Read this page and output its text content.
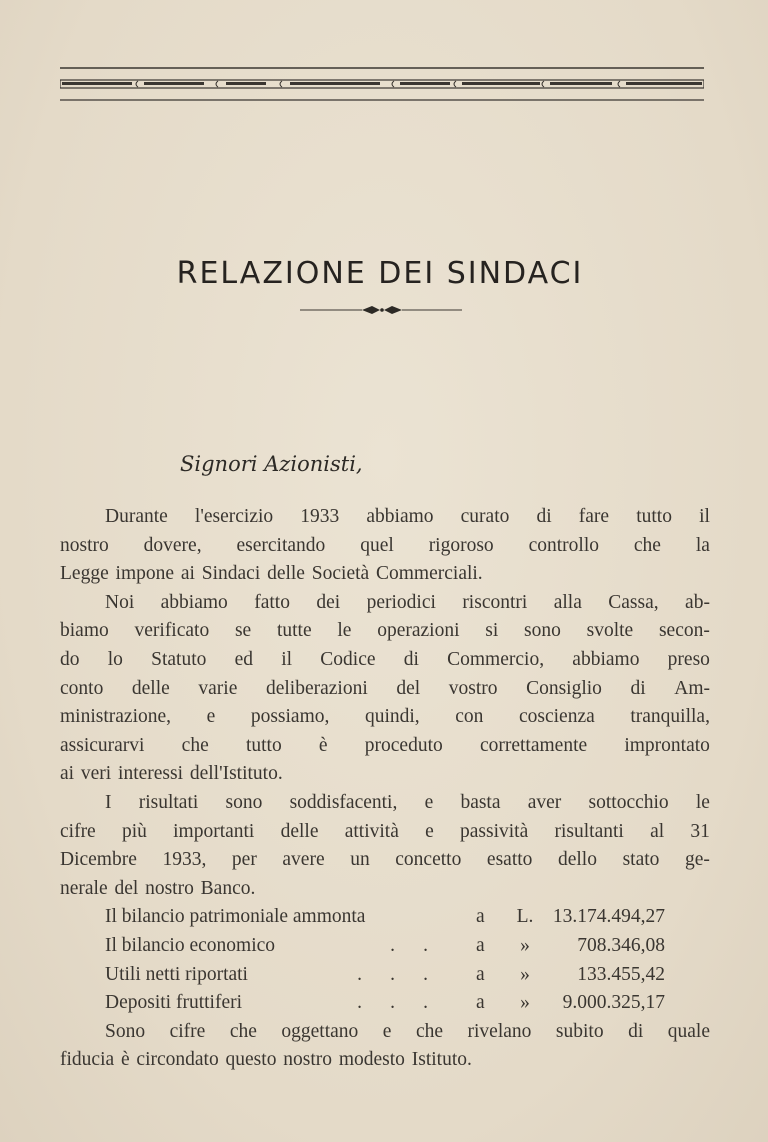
RELAZIONE DEI SINDACI
Signori Azionisti,
Durante l'esercizio 1933 abbiamo curato di fare tutto il
nostro dovere, esercitando quel rigoroso controllo che la
Legge impone ai Sindaci delle Società Commerciali.
Noi abbiamo fatto dei periodici riscontri alla Cassa, ab-
biamo verificato se tutte le operazioni si sono svolte secon-
do lo Statuto ed il Codice di Commercio, abbiamo preso
conto delle varie deliberazioni del vostro Consiglio di Am-
ministrazione, e possiamo, quindi, con coscienza tranquilla,
assicurarvi che tutto è proceduto correttamente improntato
ai veri interessi dell'Istituto.
I risultati sono soddisfacenti, e basta aver sottocchio le
cifre più importanti delle attività e passività risultanti al 31
Dicembre 1933, per avere un concetto esatto dello stato ge-
nerale del nostro Banco.
Il bilancio patrimoniale ammonta	a	L. 13.174.494,27
Il bilancio economico	. .	a	»	708.346,08
Utili netti riportati	. . .	a	»	133.455,42
Depositi fruttiferi	. . .	a	»	9.000.325,17
Sono cifre che oggettano e che rivelano subito di quale
fiducia è circondato questo nostro modesto Istituto.
